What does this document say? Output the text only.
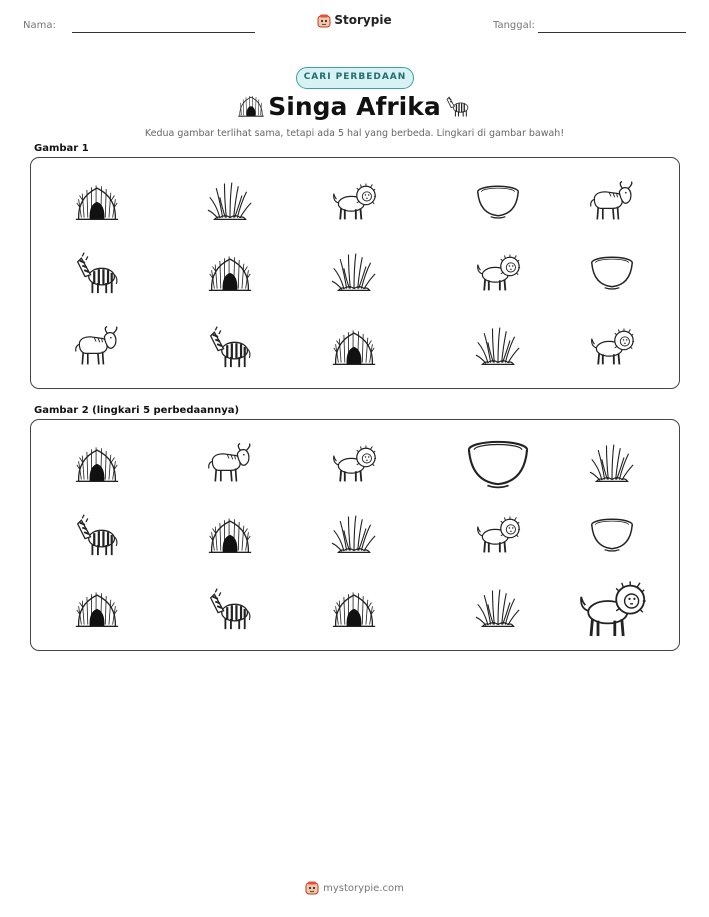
Nama:	Storypie	Tanggal:
CARI PERBEDAAN
Singa Afrika
Kedua gambar terlihat sama, tetapi ada 5 hal yang berbeda. Lingkari di gambar bawah!
Gambar 1
Gambar 2 (lingkari 5 perbedaannya)
mystorypie.com
